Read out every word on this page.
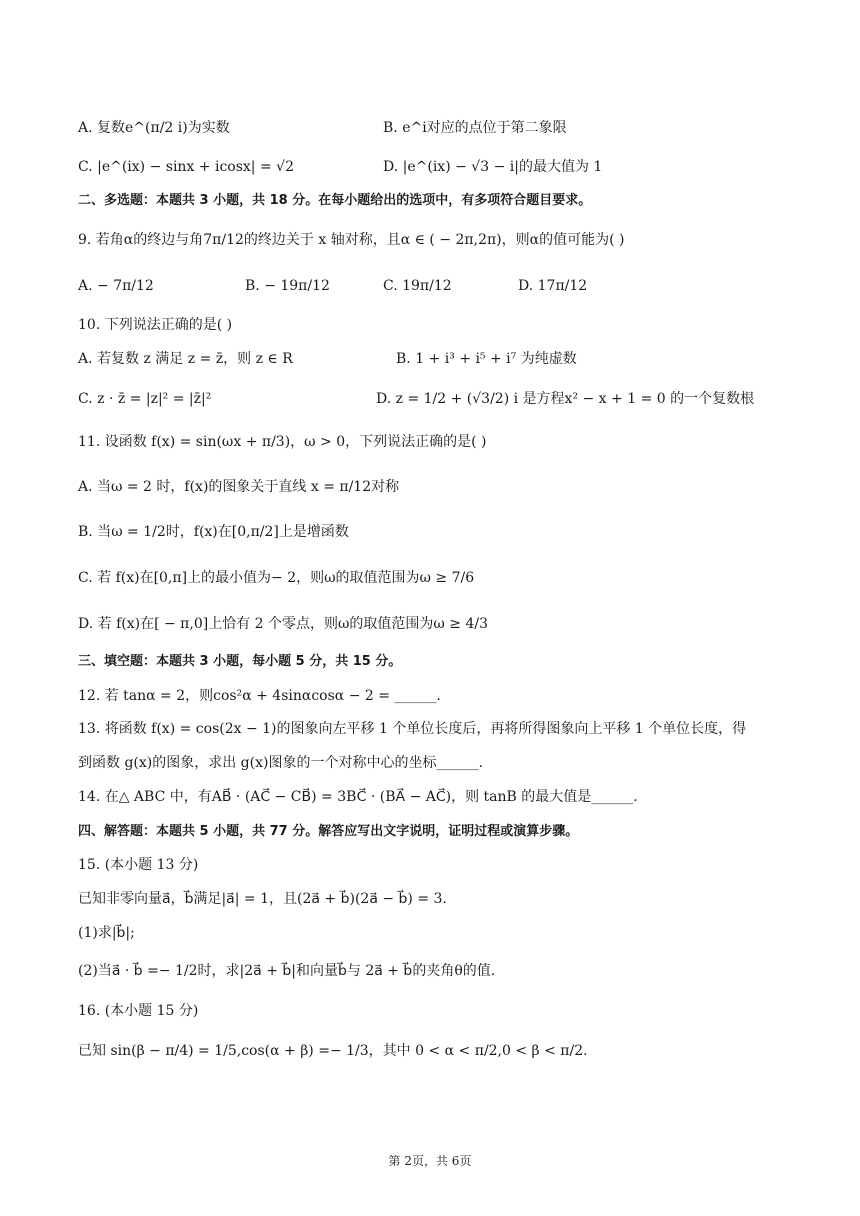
A. 复数e^(π/2 i)为实数	B. e^i对应的点位于第二象限
C. |e^(ix) − sinx + icosx| = √2	D. |e^(ix) − √3 − i|的最大值为 1
二、多选题：本题共 3 小题，共 18 分。在每小题给出的选项中，有多项符合题目要求。
9. 若角α的终边与角7π/12的终边关于 x 轴对称，且α ∈ ( − 2π,2π)，则α的值可能为( )
A. − 7π/12	B. − 19π/12	C. 19π/12	D. 17π/12
10. 下列说法正确的是( )
A. 若复数 z 满足 z = z̄，则 z ∈ R	B. 1 + i³ + i⁵ + i⁷ 为纯虚数
C. z · z̄ = |z|² = |z̄|²	D. z = 1/2 + (√3/2) i 是方程x² − x + 1 = 0 的一个复数根
11. 设函数 f(x) = sin(ωx + π/3)，ω > 0，下列说法正确的是( )
A. 当ω = 2 时，f(x)的图象关于直线 x = π/12对称
B. 当ω = 1/2时，f(x)在[0,π/2]上是增函数
C. 若 f(x)在[0,π]上的最小值为− 2，则ω的取值范围为ω ≥ 7/6
D. 若 f(x)在[ − π,0]上恰有 2 个零点，则ω的取值范围为ω ≥ 4/3
三、填空题：本题共 3 小题，每小题 5 分，共 15 分。
12. 若 tanα = 2，则cos²α + 4sinαcosα − 2 = ______.
13. 将函数 f(x) = cos(2x − 1)的图象向左平移 1 个单位长度后，再将所得图象向上平移 1 个单位长度，得
到函数 g(x)的图象，求出 g(x)图象的一个对称中心的坐标______.
14. 在△ ABC 中，有AB⃗ · (AC⃗ − CB⃗) = 3BC⃗ · (BA⃗ − AC⃗)，则 tanB 的最大值是______.
四、解答题：本题共 5 小题，共 77 分。解答应写出文字说明，证明过程或演算步骤。
15. (本小题 13 分)
已知非零向量a⃗，b⃗满足|a⃗| = 1，且(2a⃗ + b⃗)(2a⃗ − b⃗) = 3.
(1)求|b⃗|;
(2)当a⃗ · b⃗ =− 1/2时，求|2a⃗ + b⃗|和向量b⃗与 2a⃗ + b⃗的夹角θ的值.
16. (本小题 15 分)
已知 sin(β − π/4) = 1/5,cos(α + β) =− 1/3，其中 0 < α < π/2,0 < β < π/2.
第 2页，共 6页
